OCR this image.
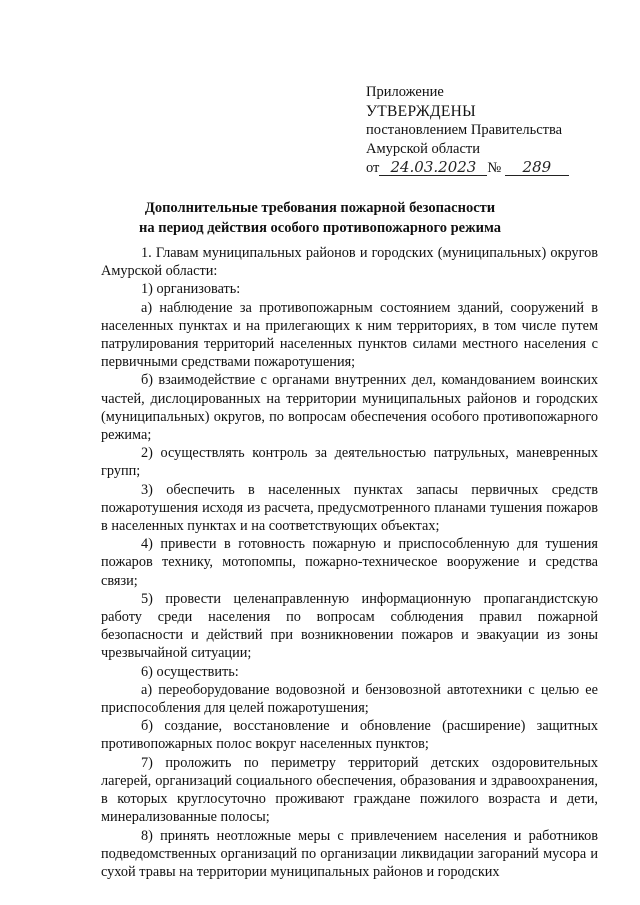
Приложение
УТВЕРЖДЕНЫ
постановлением Правительства
Амурской области
от 24.03.2023 № 289
Дополнительные требования пожарной безопасности
на период действия особого противопожарного режима

1. Главам муниципальных районов и городских (муниципальных) округов Амурской области:

1) организовать:

а) наблюдение за противопожарным состоянием зданий, сооружений в населенных пунктах и на прилегающих к ним территориях, в том числе путем патрулирования территорий населенных пунктов силами местного населения с первичными средствами пожаротушения;

б) взаимодействие с органами внутренних дел, командованием воинских частей, дислоцированных на территории муниципальных районов и городских (муниципальных) округов, по вопросам обеспечения особого противопожарного режима;

2) осуществлять контроль за деятельностью патрульных, маневренных групп;

3) обеспечить в населенных пунктах запасы первичных средств пожаротушения исходя из расчета, предусмотренного планами тушения пожаров в населенных пунктах и на соответствующих объектах;

4) привести в готовность пожарную и приспособленную для тушения пожаров технику, мотопомпы, пожарно-техническое вооружение и средства связи;

5) провести целенаправленную информационную пропагандистскую работу среди населения по вопросам соблюдения правил пожарной безопасности и действий при возникновении пожаров и эвакуации из зоны чрезвычайной ситуации;

6) осуществить:

а) переоборудование водовозной и бензовозной автотехники с целью ее приспособления для целей пожаротушения;

б) создание, восстановление и обновление (расширение) защитных противопожарных полос вокруг населенных пунктов;

7) проложить по периметру территорий детских оздоровительных лагерей, организаций социального обеспечения, образования и здравоохранения, в которых круглосуточно проживают граждане пожилого возраста и дети, минерализованные полосы;

8) принять неотложные меры с привлечением населения и работников подведомственных организаций по организации ликвидации загораний мусора и сухой травы на территории муниципальных районов и городских
